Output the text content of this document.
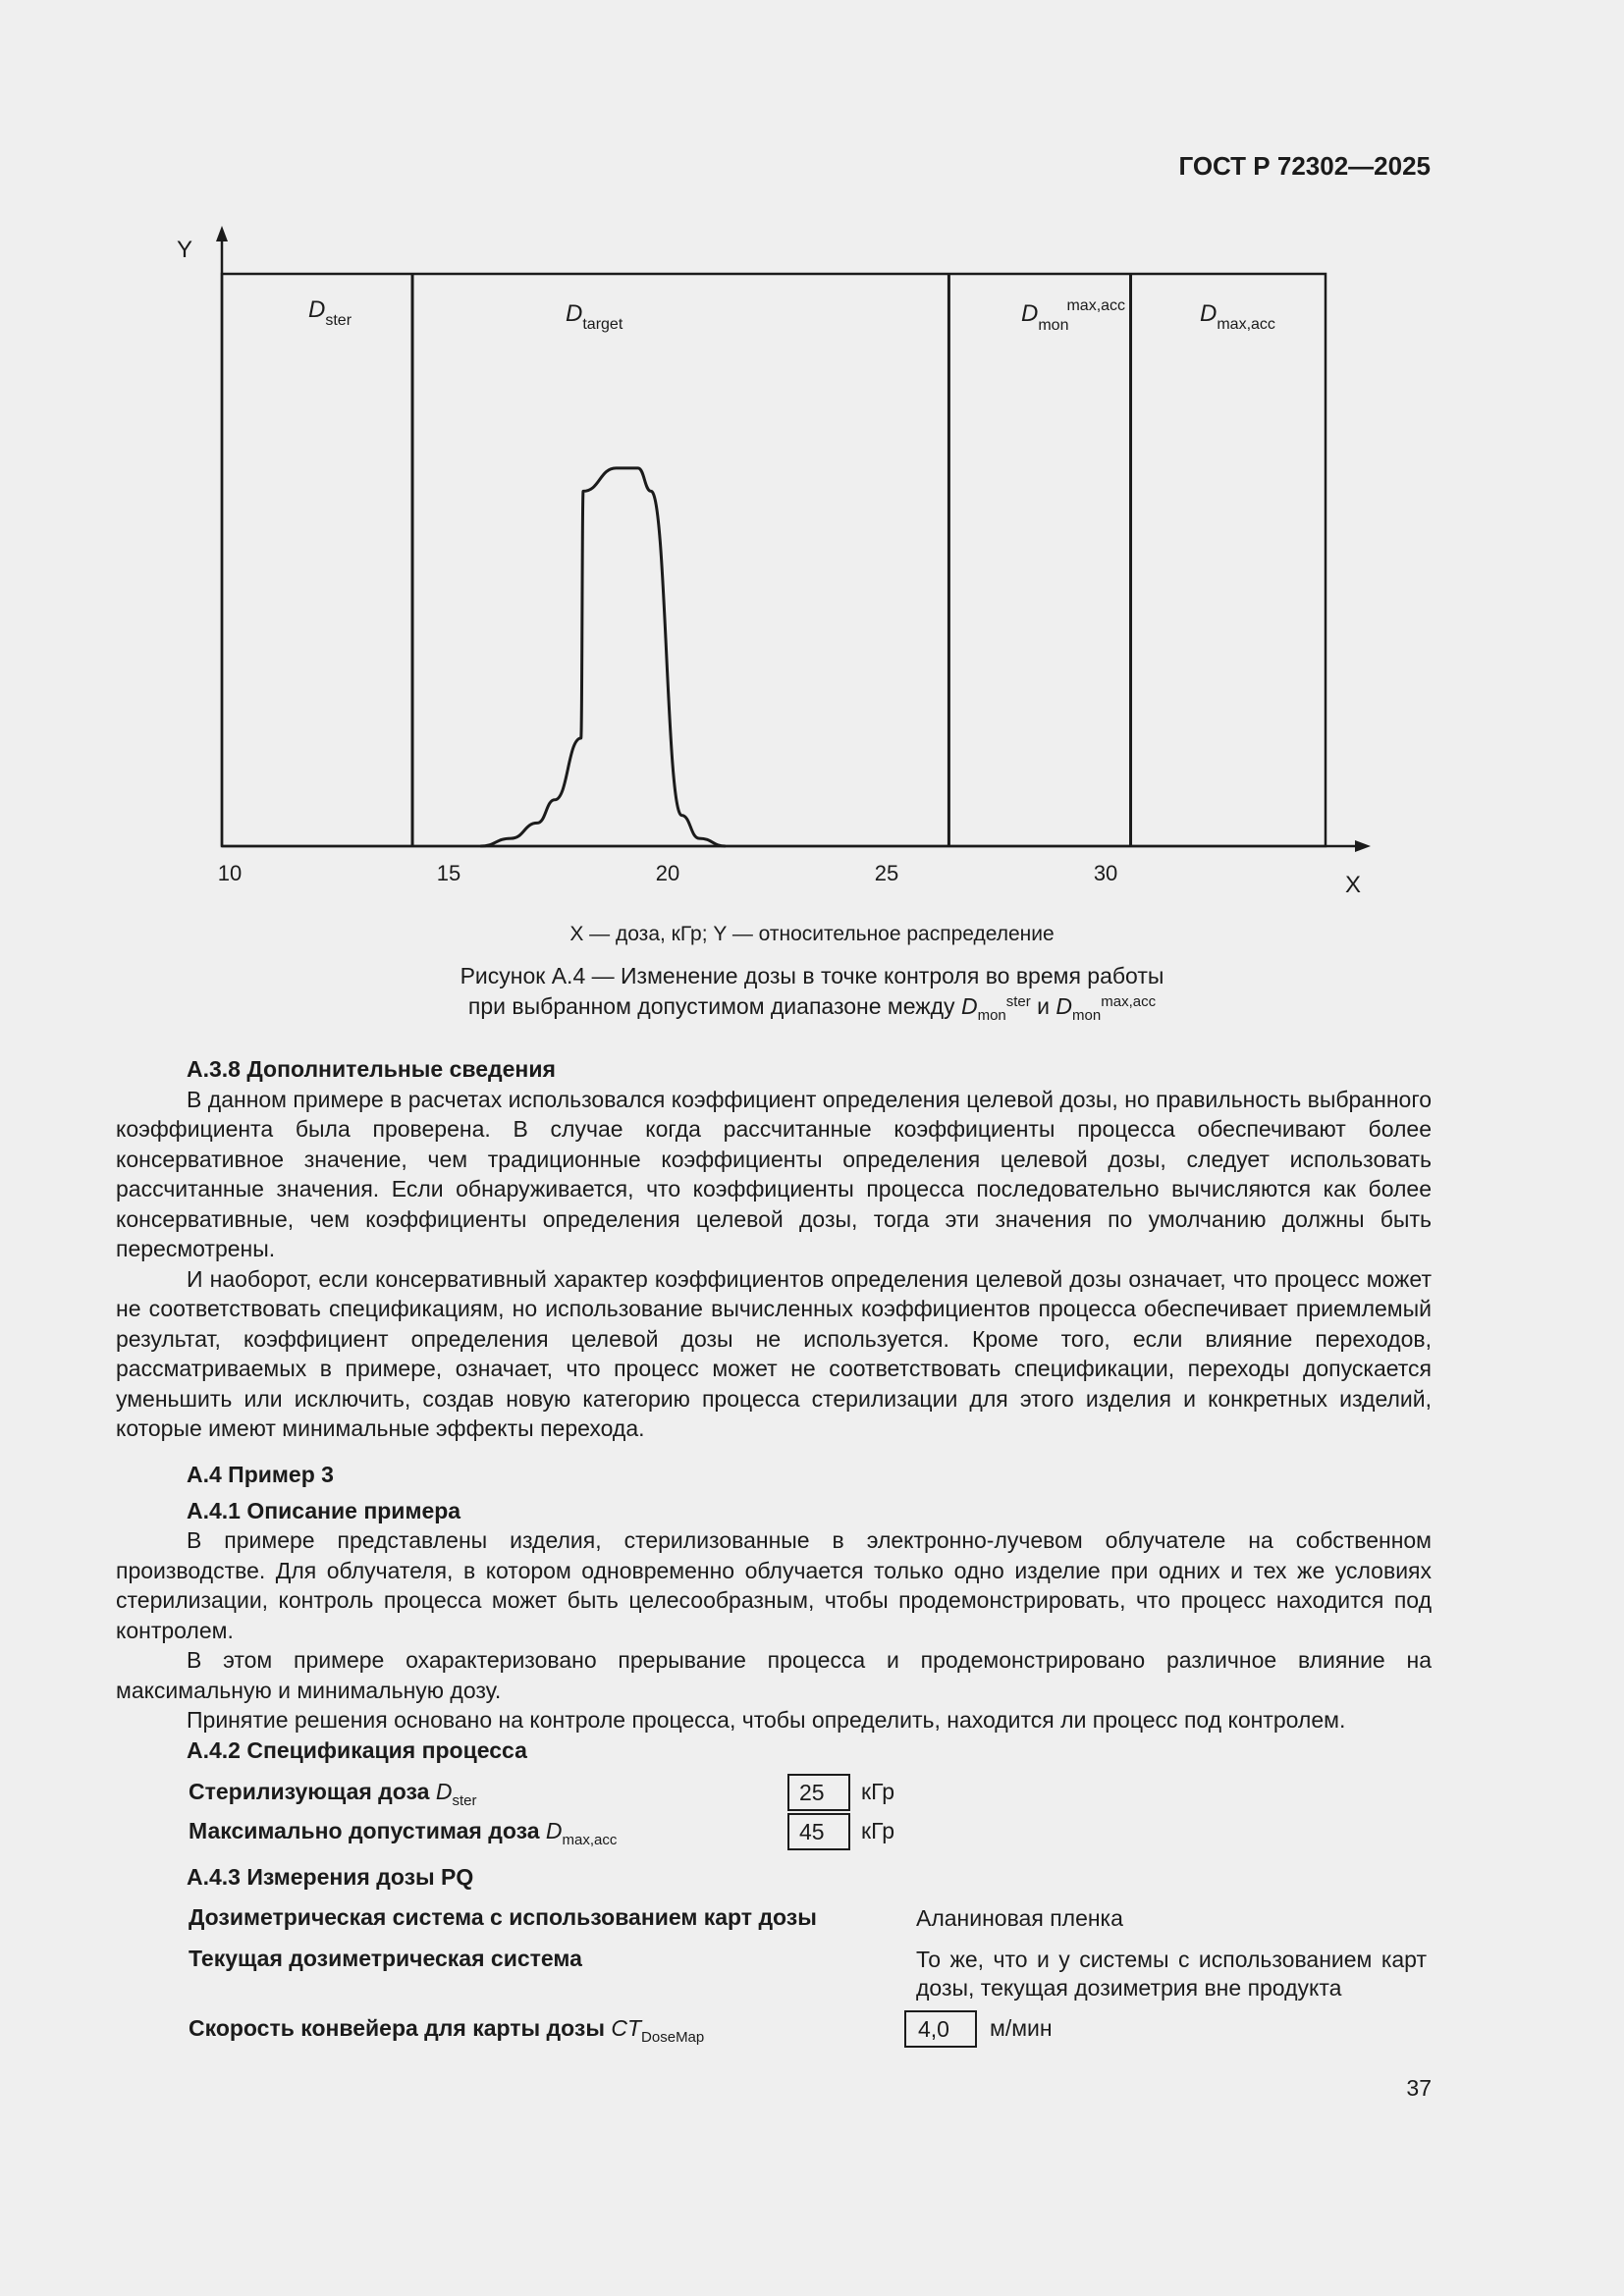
ГОСТ Р 72302—2025
10	15	20	25	30
Y
X
$D_{ster}$	$D_{target}$	$D_{mon}\max,acc$	$D_{max,acc}$
X — доза, кГр; Y — относительное распределение
Рисунок А.4 — Изменение дозы в точке контроля во время работы
при выбранном допустимом диапазоне между $D_{mon}^{ster}$ и $D_{mon}^{max,acc}$
А.3.8 Дополнительные сведения

В данном примере в расчетах использовался коэффициент определения целевой дозы, но правильность выбранного коэффициента была проверена. В случае когда рассчитанные коэффициенты процесса обеспечивают более консервативное значение, чем традиционные коэффициенты определения целевой дозы, следует использовать рассчитанные значения. Если обнаруживается, что коэффициенты процесса последовательно вычисляются как более консервативные, чем коэффициенты определения целевой дозы, тогда эти значения по умолчанию должны быть пересмотрены.

И наоборот, если консервативный характер коэффициентов определения целевой дозы означает, что процесс может не соответствовать спецификациям, но использование вычисленных коэффициентов процесса обеспечивает приемлемый результат, коэффициент определения целевой дозы не используется. Кроме того, если влияние переходов, рассматриваемых в примере, означает, что процесс может не соответствовать спецификации, переходы допускается уменьшить или исключить, создав новую категорию процесса стерилизации для этого изделия и конкретных изделий, которые имеют минимальные эффекты перехода.

А.4 Пример 3
А.4.1 Описание примера

В примере представлены изделия, стерилизованные в электронно-лучевом облучателе на собственном производстве. Для облучателя, в котором одновременно облучается только одно изделие при одних и тех же условиях стерилизации, контроль процесса может быть целесообразным, чтобы продемонстрировать, что процесс находится под контролем.

В этом примере охарактеризовано прерывание процесса и продемонстрировано различное влияние на максимальную и минимальную дозу.

Принятие решения основано на контроле процесса, чтобы определить, находится ли процесс под контролем.

А.4.2 Спецификация процесса
Стерилизующая доза $D_{ster}$	25	кГр
Максимально допустимая доза $D_{max,acc}$	45	кГр
А.4.3 Измерения дозы PQ
Дозиметрическая система с использованием карт дозы	Аланиновая пленка
Текущая дозиметрическая система	То же, что и у системы с использованием карт дозы, текущая дозиметрия вне продукта
Скорость конвейера для карты дозы $CT_{DoseMap}$	4,0	м/мин
37
